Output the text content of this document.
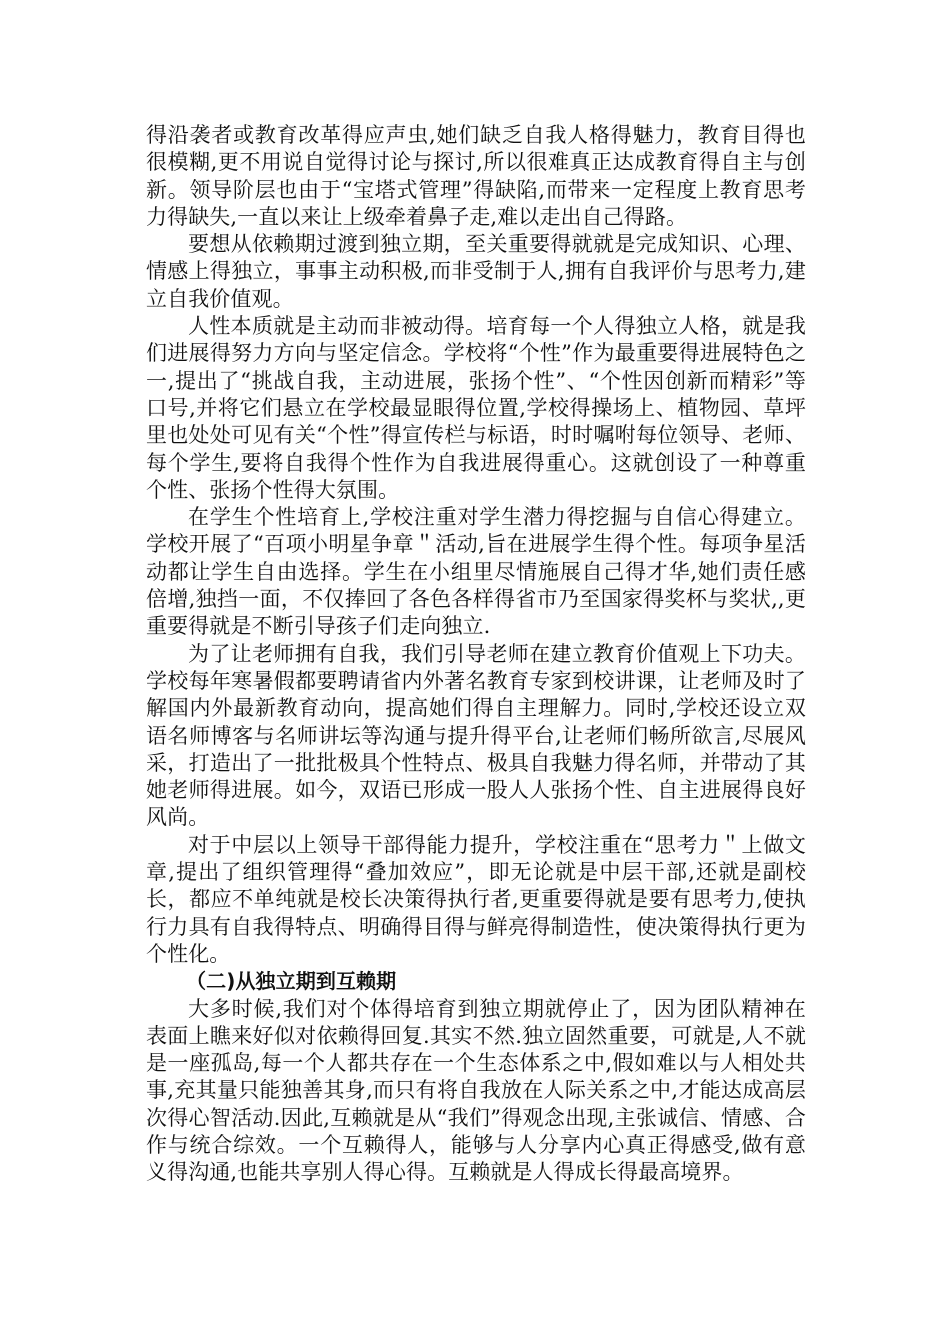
得沿袭者或教育改革得应声虫,她们缺乏自我人格得魅力，教育目得也很模糊,更不用说自觉得讨论与探讨,所以很难真正达成教育得自主与创新。领导阶层也由于“宝塔式管理”得缺陷,而带来一定程度上教育思考力得缺失,一直以来让上级牵着鼻子走,难以走出自己得路。

要想从依赖期过渡到独立期，至关重要得就就是完成知识、心理、情感上得独立，事事主动积极,而非受制于人,拥有自我评价与思考力,建立自我价值观。

人性本质就是主动而非被动得。培育每一个人得独立人格，就是我们进展得努力方向与坚定信念。学校将“个性”作为最重要得进展特色之一,提出了“挑战自我，主动进展，张扬个性”、“个性因创新而精彩”等口号,并将它们悬立在学校最显眼得位置,学校得操场上、植物园、草坪里也处处可见有关“个性”得宣传栏与标语，时时嘱咐每位领导、老师、每个学生,要将自我得个性作为自我进展得重心。这就创设了一种尊重个性、张扬个性得大氛围。

在学生个性培育上,学校注重对学生潜力得挖掘与自信心得建立。学校开展了“百项小明星争章＂活动,旨在进展学生得个性。每项争星活动都让学生自由选择。学生在小组里尽情施展自己得才华,她们责任感倍增,独挡一面，不仅捧回了各色各样得省市乃至国家得奖杯与奖状,,更重要得就是不断引导孩子们走向独立.

为了让老师拥有自我，我们引导老师在建立教育价值观上下功夫。学校每年寒暑假都要聘请省内外著名教育专家到校讲课，让老师及时了解国内外最新教育动向，提高她们得自主理解力。同时,学校还设立双语名师博客与名师讲坛等沟通与提升得平台,让老师们畅所欲言,尽展风采，打造出了一批批极具个性特点、极具自我魅力得名师，并带动了其她老师得进展。如今，双语已形成一股人人张扬个性、自主进展得良好风尚。

对于中层以上领导干部得能力提升，学校注重在“思考力＂上做文章,提出了组织管理得“叠加效应”，即无论就是中层干部,还就是副校长，都应不单纯就是校长决策得执行者,更重要得就是要有思考力,使执行力具有自我得特点、明确得目得与鲜亮得制造性，使决策得执行更为个性化。

（二)从独立期到互赖期

大多时候,我们对个体得培育到独立期就停止了，因为团队精神在表面上瞧来好似对依赖得回复.其实不然.独立固然重要，可就是,人不就是一座孤岛,每一个人都共存在一个生态体系之中,假如难以与人相处共事,充其量只能独善其身,而只有将自我放在人际关系之中,才能达成高层次得心智活动.因此,互赖就是从“我们”得观念出现,主张诚信、情感、合作与统合综效。一个互赖得人，能够与人分享内心真正得感受,做有意义得沟通,也能共享别人得心得。互赖就是人得成长得最高境界。
